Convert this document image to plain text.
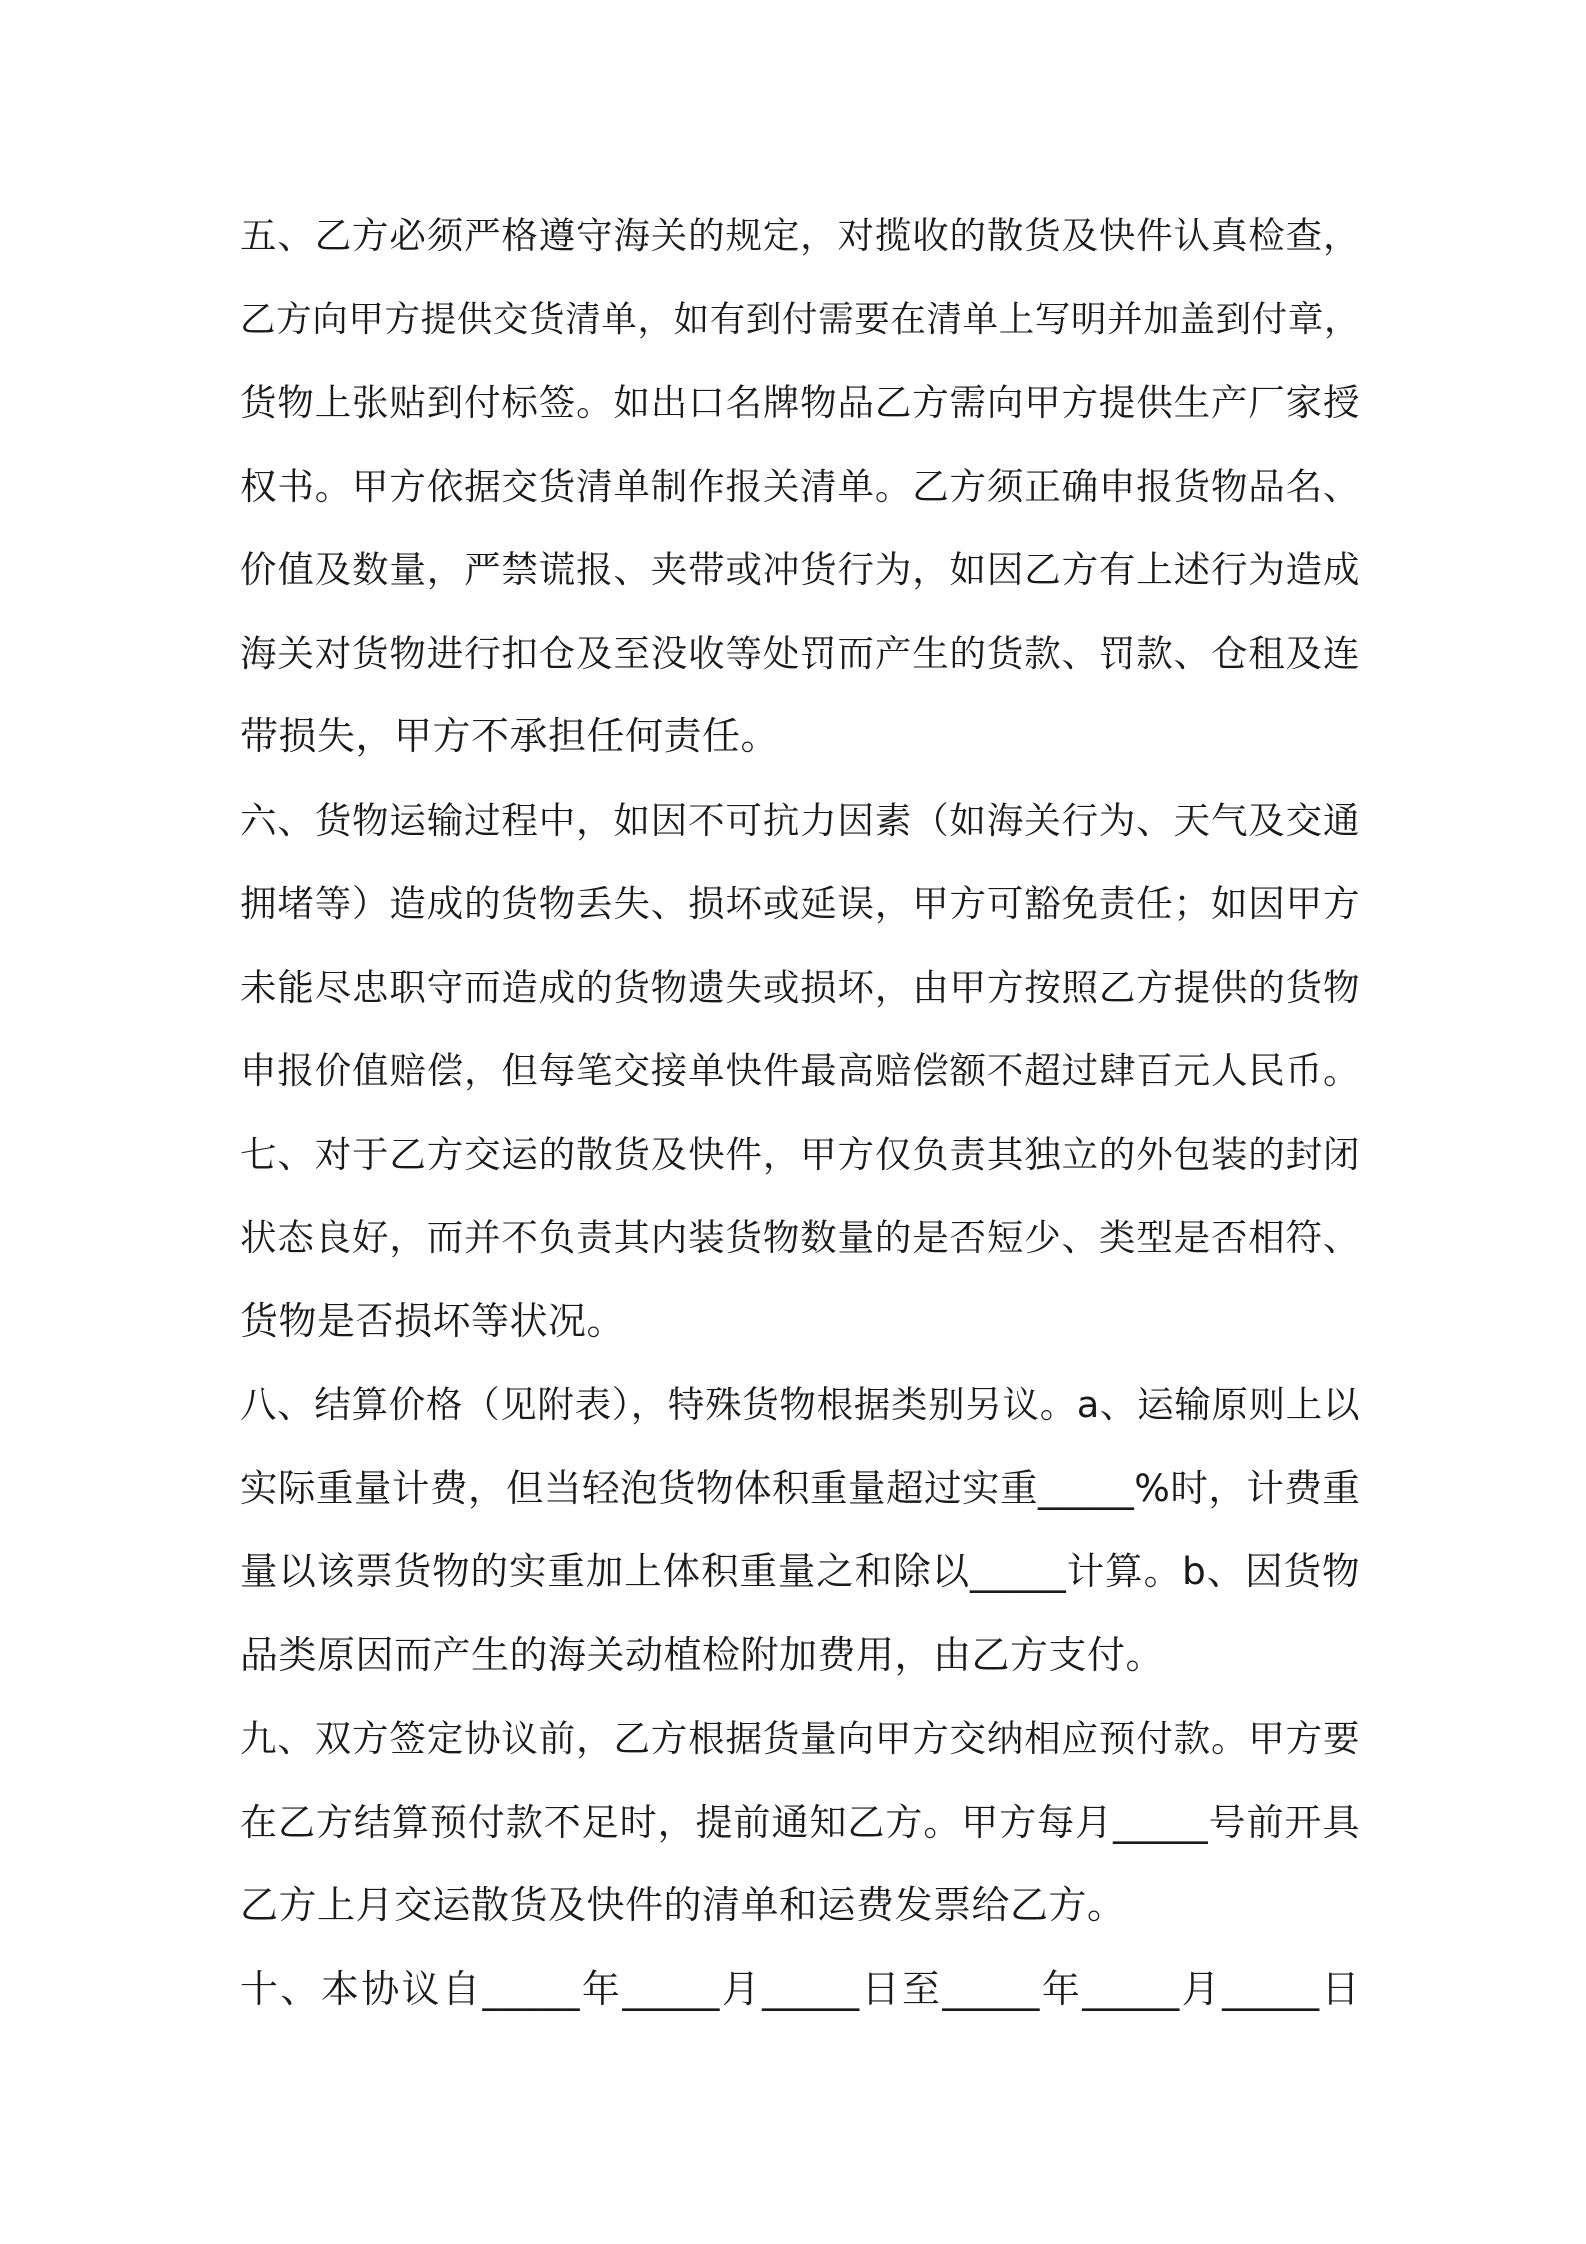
五、乙方必须严格遵守海关的规定，对揽收的散货及快件认真检查，
乙方向甲方提供交货清单，如有到付需要在清单上写明并加盖到付章，
货物上张贴到付标签。如出口名牌物品乙方需向甲方提供生产厂家授
权书。甲方依据交货清单制作报关清单。乙方须正确申报货物品名、
价值及数量，严禁谎报、夹带或冲货行为，如因乙方有上述行为造成
海关对货物进行扣仓及至没收等处罚而产生的货款、罚款、仓租及连
带损失，甲方不承担任何责任。
六、货物运输过程中，如因不可抗力因素（如海关行为、天气及交通
拥堵等）造成的货物丢失、损坏或延误，甲方可豁免责任；如因甲方
未能尽忠职守而造成的货物遗失或损坏，由甲方按照乙方提供的货物
申报价值赔偿，但每笔交接单快件最高赔偿额不超过肆百元人民币。
七、对于乙方交运的散货及快件，甲方仅负责其独立的外包装的封闭
状态良好，而并不负责其内装货物数量的是否短少、类型是否相符、
货物是否损坏等状况。
八、结算价格（见附表），特殊货物根据类别另议。a、运输原则上以
实际重量计费，但当轻泡货物体积重量超过实重_____%时，计费重
量以该票货物的实重加上体积重量之和除以_____计算。b、因货物
品类原因而产生的海关动植检附加费用，由乙方支付。
九、双方签定协议前，乙方根据货量向甲方交纳相应预付款。甲方要
在乙方结算预付款不足时，提前通知乙方。甲方每月_____号前开具
乙方上月交运散货及快件的清单和运费发票给乙方。
十、本协议自_____年_____月_____日至_____年_____月_____日
